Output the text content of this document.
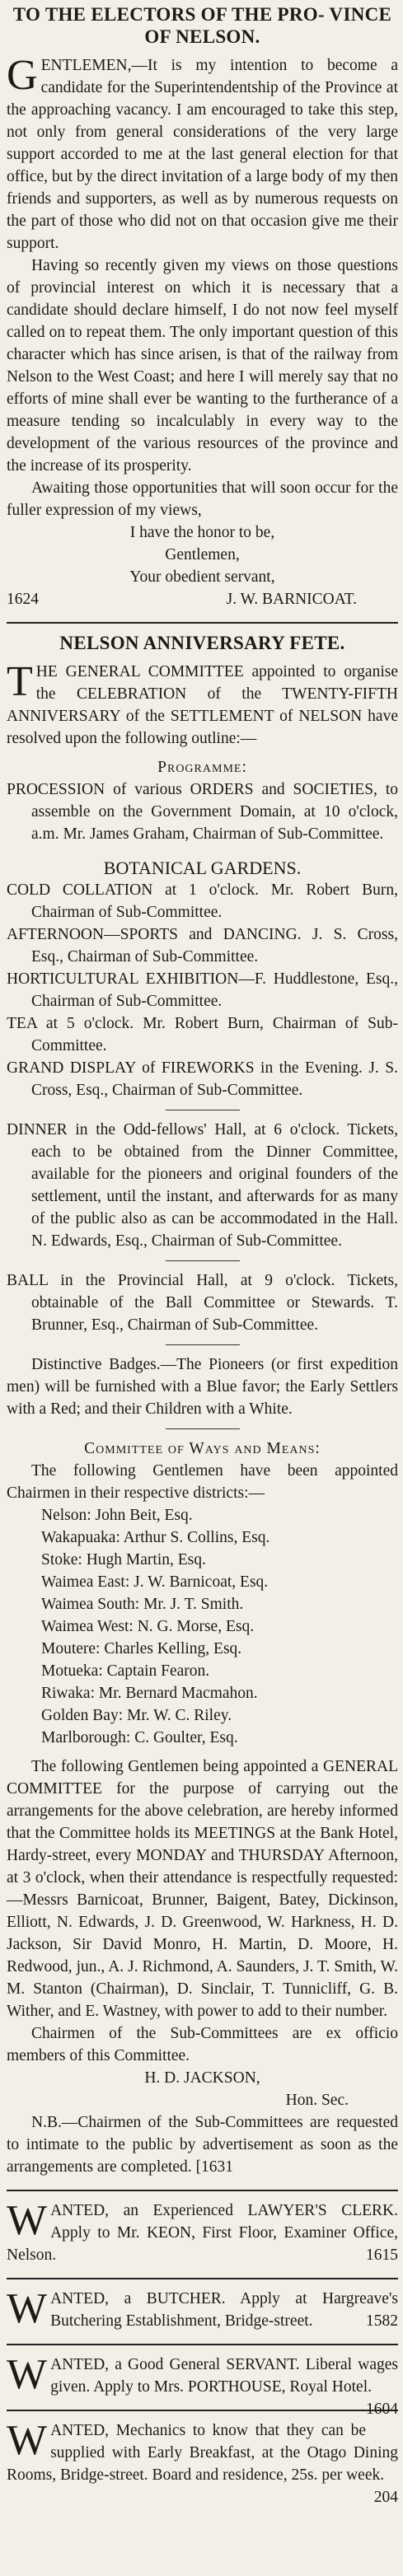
TO THE ELECTORS OF THE PRO- VINCE OF NELSON.

GENTLEMEN,—It is my intention to become a candidate for the Superintendentship of the Province at the approaching vacancy. I am encouraged to take this step, not only from general considerations of the very large support accorded to me at the last general election for that office, but by the direct invitation of a large body of my then friends and supporters, as well as by numerous requests on the part of those who did not on that occasion give me their support.

Having so recently given my views on those questions of provincial interest on which it is necessary that a candidate should declare himself, I do not now feel myself called on to repeat them. The only important question of this character which has since arisen, is that of the railway from Nelson to the West Coast; and here I will merely say that no efforts of mine shall ever be wanting to the furtherance of a measure tending so incalculably in every way to the development of the various resources of the province and the increase of its prosperity.

Awaiting those opportunities that will soon occur for the fuller expression of my views,

I have the honor to be,

Gentlemen,

Your obedient servant,

1624	J. W. BARNICOAT.

NELSON ANNIVERSARY FETE.

THE GENERAL COMMITTEE appointed to organise the CELEBRATION of the TWENTY-FIFTH ANNIVERSARY of the SETTLEMENT of NELSON have resolved upon the following outline:—

Programme:

PROCESSION of various ORDERS and SOCIETIES, to assemble on the Government Domain, at 10 o'clock, a.m. Mr. James Graham, Chairman of Sub-Committee.

BOTANICAL GARDENS.

COLD COLLATION at 1 o'clock. Mr. Robert Burn, Chairman of Sub-Committee.

AFTERNOON—SPORTS and DANCING. J. S. Cross, Esq., Chairman of Sub-Committee.

HORTICULTURAL EXHIBITION—F. Huddlestone, Esq., Chairman of Sub-Committee.

TEA at 5 o'clock. Mr. Robert Burn, Chairman of Sub-Committee.

GRAND DISPLAY of FIREWORKS in the Evening. J. S. Cross, Esq., Chairman of Sub-Committee.

DINNER in the Odd-fellows' Hall, at 6 o'clock. Tickets, each to be obtained from the Dinner Committee, available for the pioneers and original founders of the settlement, until the instant, and afterwards for as many of the public also as can be accommodated in the Hall. N. Edwards, Esq., Chairman of Sub-Committee.

BALL in the Provincial Hall, at 9 o'clock. Tickets, obtainable of the Ball Committee or Stewards. T. Brunner, Esq., Chairman of Sub-Committee.

Distinctive Badges.—The Pioneers (or first expedition men) will be furnished with a Blue favor; the Early Settlers with a Red; and their Children with a White.

Committee of Ways and Means:

The following Gentlemen have been appointed Chairmen in their respective districts:—

Nelson: John Beit, Esq.

Wakapuaka: Arthur S. Collins, Esq.

Stoke: Hugh Martin, Esq.

Waimea East: J. W. Barnicoat, Esq.

Waimea South: Mr. J. T. Smith.

Waimea West: N. G. Morse, Esq.

Moutere: Charles Kelling, Esq.

Motueka: Captain Fearon.

Riwaka: Mr. Bernard Macmahon.

Golden Bay: Mr. W. C. Riley.

Marlborough: C. Goulter, Esq.

The following Gentlemen being appointed a GENERAL COMMITTEE for the purpose of carrying out the arrangements for the above celebration, are hereby informed that the Committee holds its MEETINGS at the Bank Hotel, Hardy-street, every MONDAY and THURSDAY Afternoon, at 3 o'clock, when their attendance is respectfully requested:—Messrs Barnicoat, Brunner, Baigent, Batey, Dickinson, Elliott, N. Edwards, J. D. Greenwood, W. Harkness, H. D. Jackson, Sir David Monro, H. Martin, D. Moore, H. Redwood, jun., A. J. Richmond, A. Saunders, J. T. Smith, W. M. Stanton (Chairman), D. Sinclair, T. Tunnicliff, G. B. Wither, and E. Wastney, with power to add to their number.

Chairmen of the Sub-Committees are ex officio members of this Committee.

H. D. JACKSON,

Hon. Sec.

N.B.—Chairmen of the Sub-Committees are requested to intimate to the public by advertisement as soon as the arrangements are completed. [1631

WANTED, an Experienced LAWYER'S CLERK. Apply to Mr. KEON, First Floor, Examiner Office, Nelson.	1615

WANTED, a BUTCHER. Apply at Hargreave's Butchering Establishment, Bridge-street.	1582

WANTED, a Good General SERVANT. Liberal wages given. Apply to Mrs. PORTHOUSE, Royal Hotel.
1604

WANTED, Mechanics to know that they can be supplied with Early Breakfast, at the Otago Dining Rooms, Bridge-street. Board and residence, 25s. per week.
204
